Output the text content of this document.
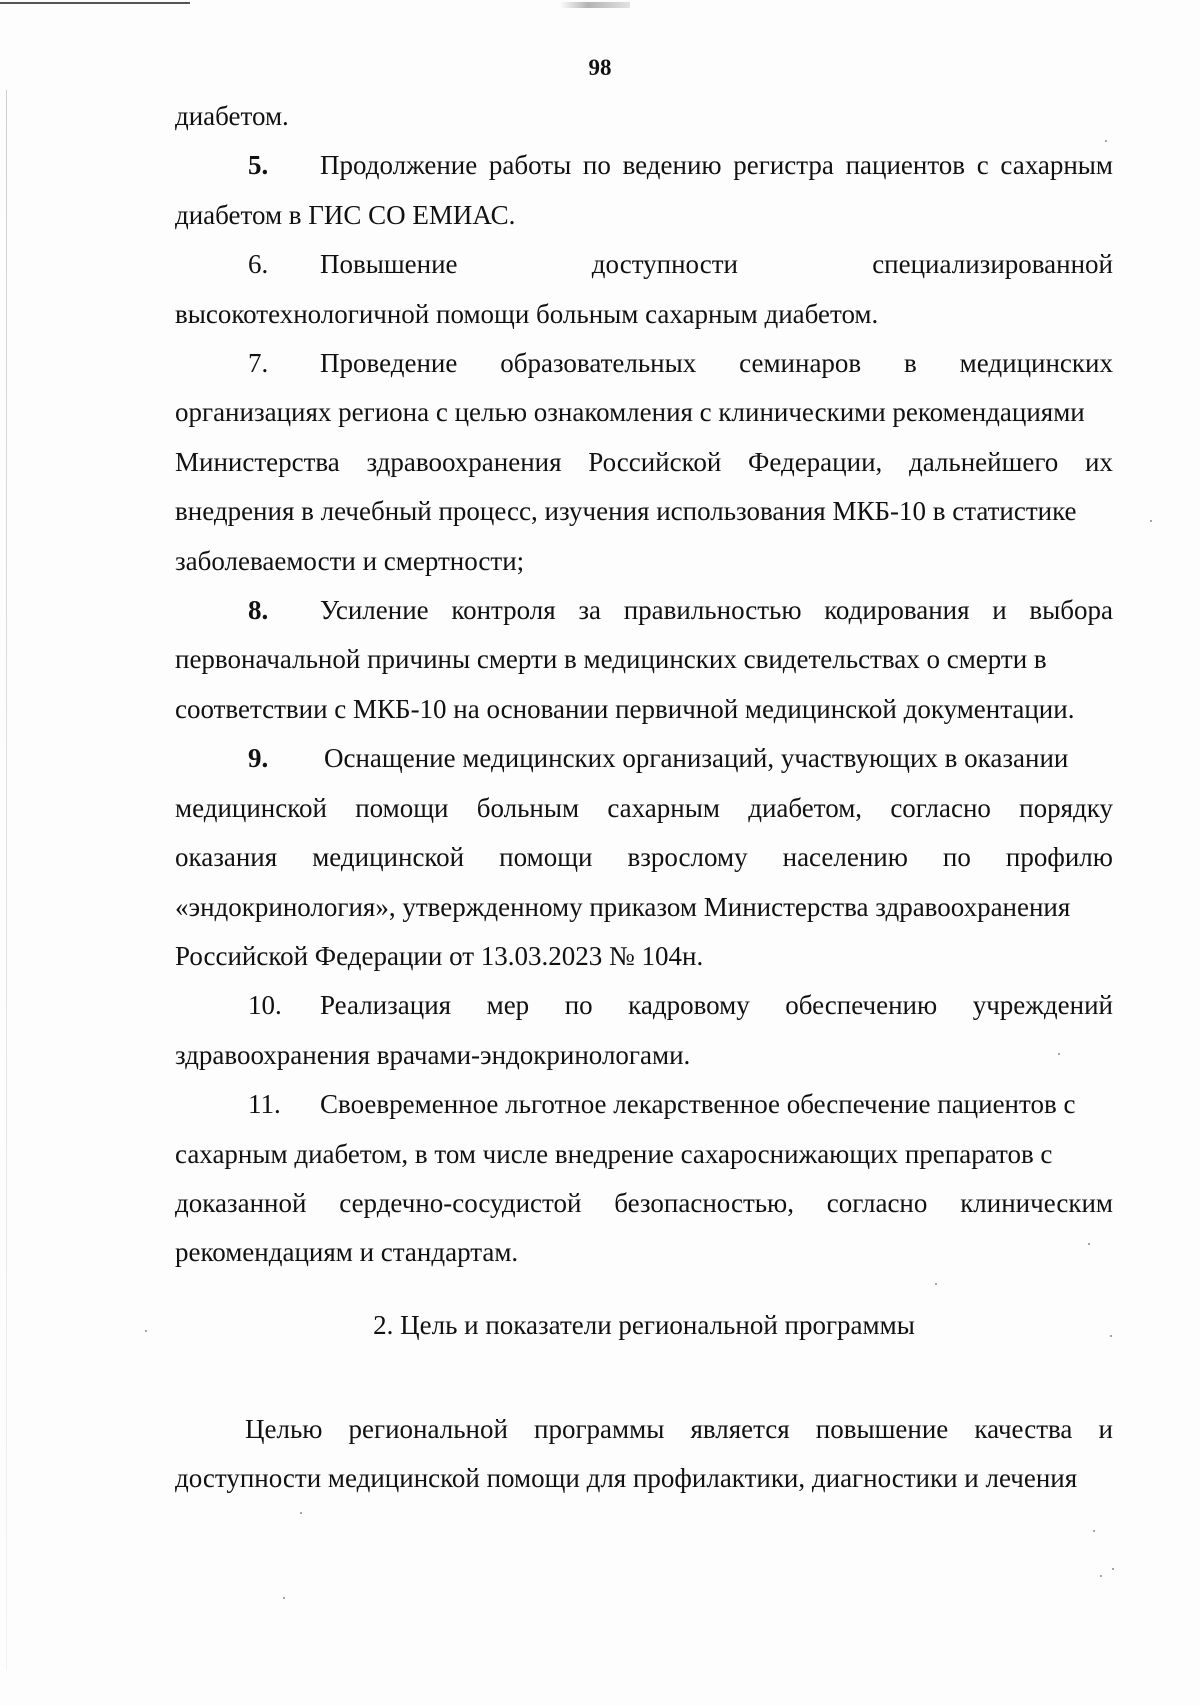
98

диабетом.

5. Продолжение работы по ведению регистра пациентов с сахарным

диабетом в ГИС СО ЕМИАС.

6.	Повышение	доступности	специализированной

высокотехнологичной помощи больным сахарным диабетом.

7.	Проведение образовательных семинаров в медицинских

организациях региона с целью ознакомления с клиническими рекомендациями

Министерства здравоохранения Российской Федерации, дальнейшего их

внедрения в лечебный процесс, изучения использования МКБ-10 в статистике

заболеваемости и смертности;

8.	Усиление контроля за правильностью кодирования и выбора

первоначальной причины смерти в медицинских свидетельствах о смерти в

соответствии с МКБ-10 на основании первичной медицинской документации.

9. Оснащение медицинских организаций, участвующих в оказании

медицинской помощи больным сахарным диабетом, согласно порядку

оказания медицинской помощи взрослому населению по профилю

«эндокринология», утвержденному приказом Министерства здравоохранения

Российской Федерации от 13.03.2023 № 104н.

10.	Реализация мер по кадровому обеспечению учреждений

здравоохранения врачами-эндокринологами.

11. Своевременное льготное лекарственное обеспечение пациентов с

сахарным диабетом, в том числе внедрение сахароснижающих препаратов с

доказанной сердечно-сосудистой безопасностью, согласно клиническим

рекомендациям и стандартам.

2. Цель и показатели региональной программы

Целью региональной программы является повышение качества и

доступности медицинской помощи для профилактики, диагностики и лечения
